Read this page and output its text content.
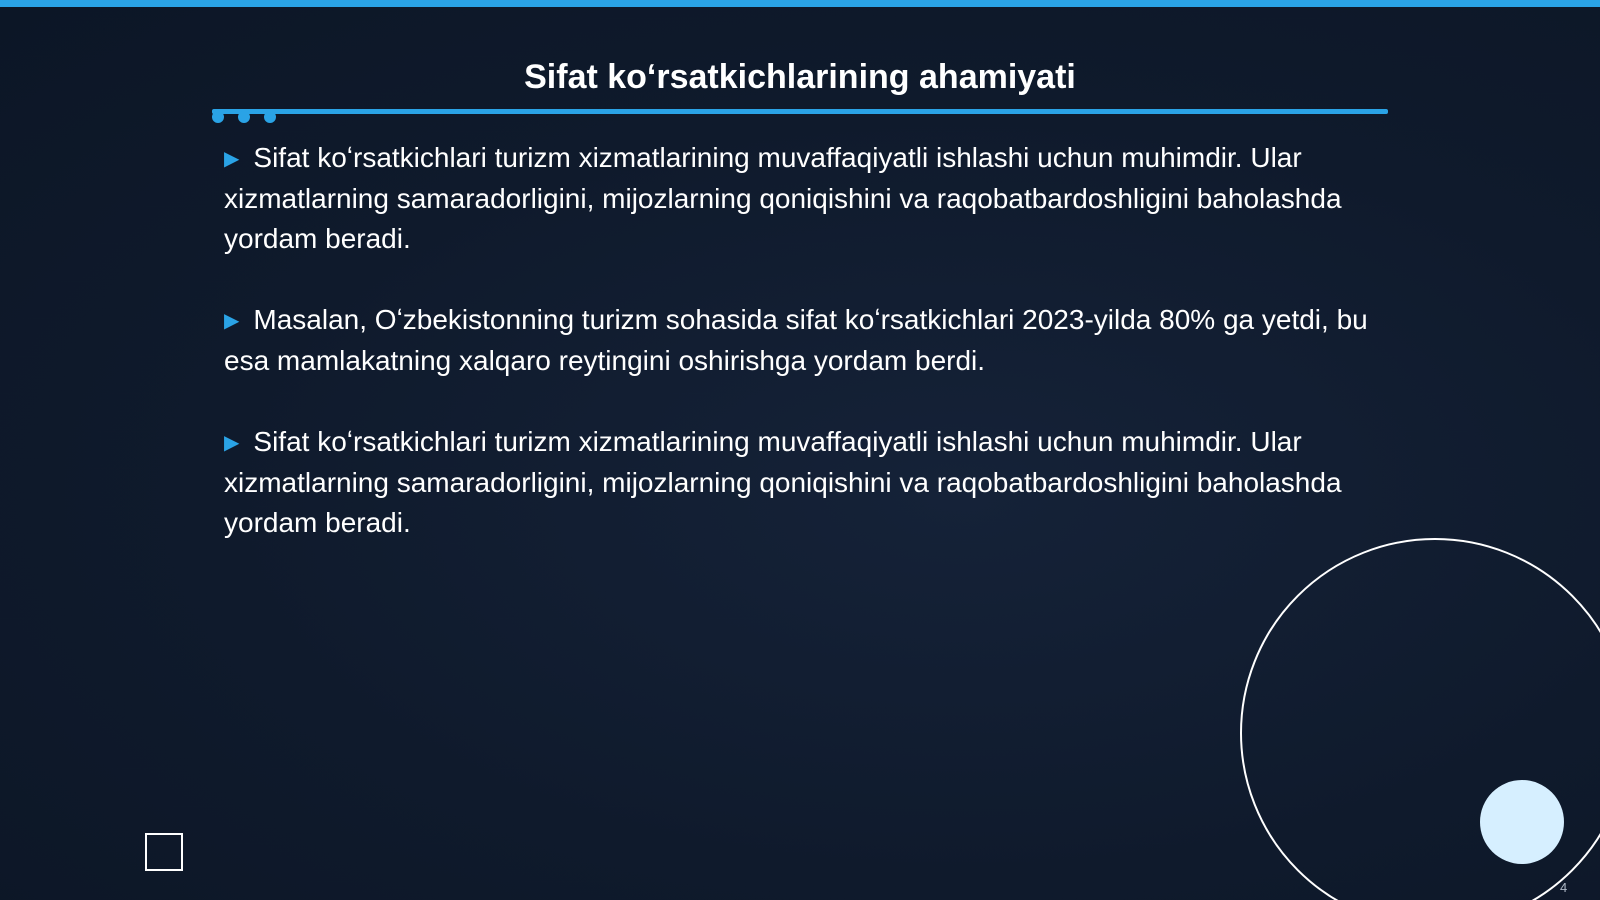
Sifat koʻrsatkichlarining ahamiyati

▶ Sifat koʻrsatkichlari turizm xizmatlarining muvaffaqiyatli ishlashi uchun muhimdir. Ular xizmatlarning samaradorligini, mijozlarning qoniqishini va raqobatbardoshligini baholashda yordam beradi.

▶ Masalan, Oʻzbekistonning turizm sohasida sifat koʻrsatkichlari 2023-yilda 80% ga yetdi, bu esa mamlakatning xalqaro reytingini oshirishga yordam berdi.

▶ Sifat koʻrsatkichlari turizm xizmatlarining muvaffaqiyatli ishlashi uchun muhimdir. Ular xizmatlarning samaradorligini, mijozlarning qoniqishini va raqobatbardoshligini baholashda yordam beradi.

4
